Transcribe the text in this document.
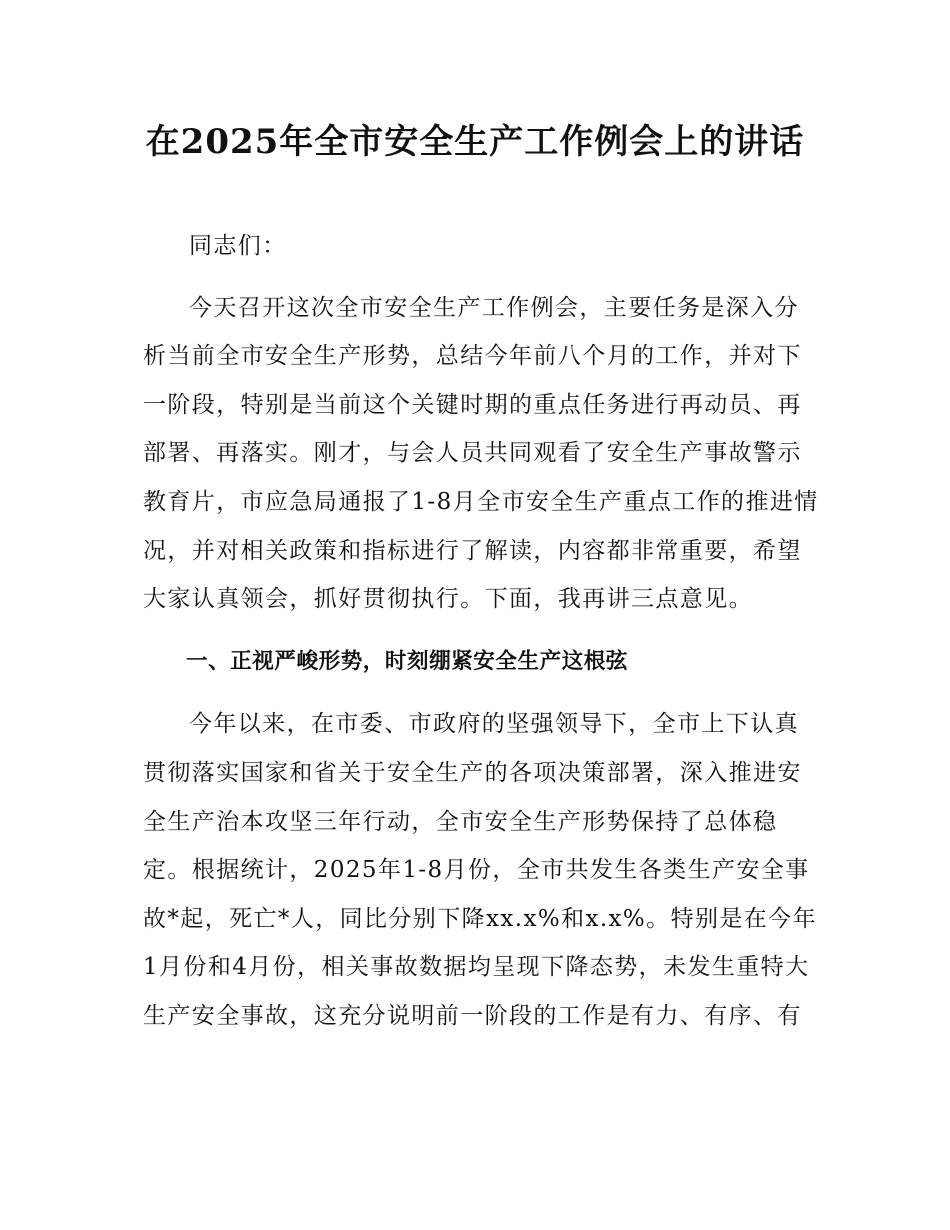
在2025年全市安全生产工作例会上的讲话

同志们：

今天召开这次全市安全生产工作例会，主要任务是深入分析当前全市安全生产形势，总结今年前八个月的工作，并对下一阶段，特别是当前这个关键时期的重点任务进行再动员、再部署、再落实。刚才，与会人员共同观看了安全生产事故警示教育片，市应急局通报了1-8月全市安全生产重点工作的推进情况，并对相关政策和指标进行了解读，内容都非常重要，希望大家认真领会，抓好贯彻执行。下面，我再讲三点意见。

一、正视严峻形势，时刻绷紧安全生产这根弦

今年以来，在市委、市政府的坚强领导下，全市上下认真贯彻落实国家和省关于安全生产的各项决策部署，深入推进安全生产治本攻坚三年行动，全市安全生产形势保持了总体稳定。根据统计，2025年1-8月份，全市共发生各类生产安全事故*起，死亡*人，同比分别下降xx.x%和x.x%。特别是在今年1月份和4月份，相关事故数据均呈现下降态势，未发生重特大生产安全事故，这充分说明前一阶段的工作是有力、有序、有
